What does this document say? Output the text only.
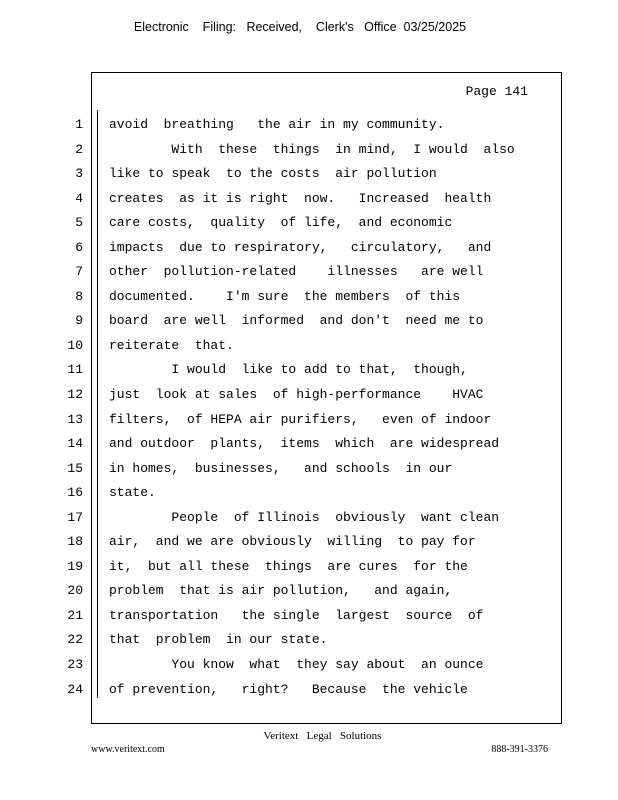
Electronic    Filing:   Received,    Clerk's   Office  03/25/2025
Page 141
1
2
3
4
5
6
7
8
9
10
11
12
13
14
15
16
17
18
19
20
21
22
23
24
avoid  breathing   the air in my community.
With  these  things  in mind,  I would  also
like to speak  to the costs  air pollution
creates  as it is right  now.   Increased  health
care costs,  quality  of life,  and economic
impacts  due to respiratory,   circulatory,   and
other  pollution-related    illnesses   are well
documented.    I'm sure  the members  of this
board  are well  informed  and don't  need me to
reiterate  that.
I would  like to add to that,  though,
just  look at sales  of high-performance    HVAC
filters,  of HEPA air purifiers,   even of indoor
and outdoor  plants,  items  which  are widespread
in homes,  businesses,   and schools  in our
state.
People  of Illinois  obviously  want clean
air,  and we are obviously  willing  to pay for
it,  but all these  things  are cures  for the
problem  that is air pollution,   and again,
transportation   the single  largest  source  of
that  problem  in our state.
You know  what  they say about  an ounce
of prevention,   right?   Because  the vehicle
Veritext   Legal   Solutions
www.veritext.com	888-391-3376
